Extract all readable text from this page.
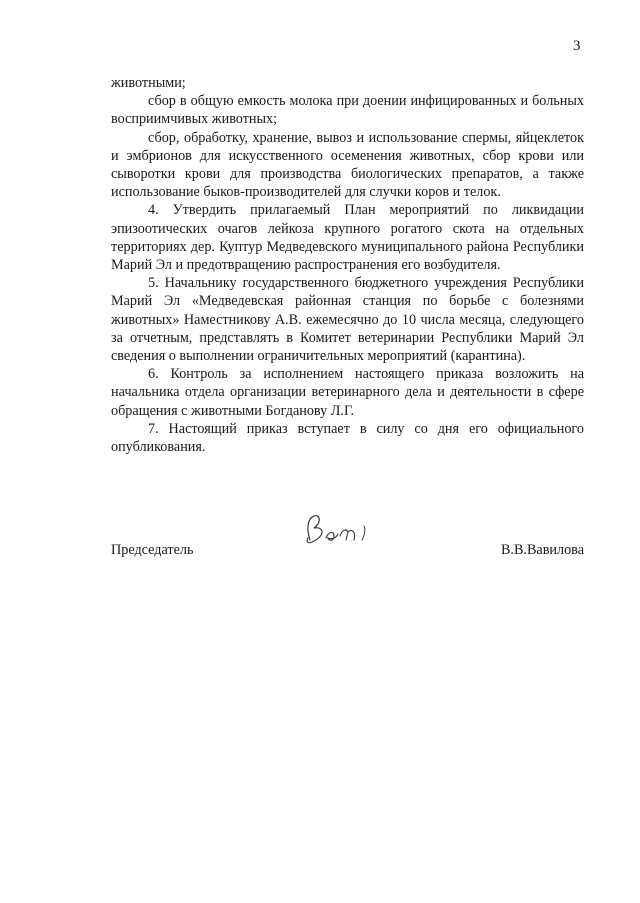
3

животными;

сбор в общую емкость молока при доении инфицированных и больных восприимчивых животных;

сбор, обработку, хранение, вывоз и использование спермы, яйцеклеток и эмбрионов для искусственного осеменения животных, сбор крови или сыворотки крови для производства биологических препаратов, а также использование быков-производителей для случки коров и телок.

4. Утвердить прилагаемый План мероприятий по ликвидации эпизоотических очагов лейкоза крупного рогатого скота на отдельных территориях дер. Куптур Медведевского муниципального района Республики Марий Эл и предотвращению распространения его возбудителя.

5. Начальнику государственного бюджетного учреждения Республики Марий Эл «Медведевская районная станция по борьбе с болезнями животных» Наместникову А.В. ежемесячно до 10 числа месяца, следующего за отчетным, представлять в Комитет ветеринарии Республики Марий Эл сведения о выполнении ограничительных мероприятий (карантина).

6. Контроль за исполнением настоящего приказа возложить на начальника отдела организации ветеринарного дела и деятельности в сфере обращения с животными Богданову Л.Г.

7. Настоящий приказ вступает в силу со дня его официального опубликования.

Председатель	В.В.Вавилова
